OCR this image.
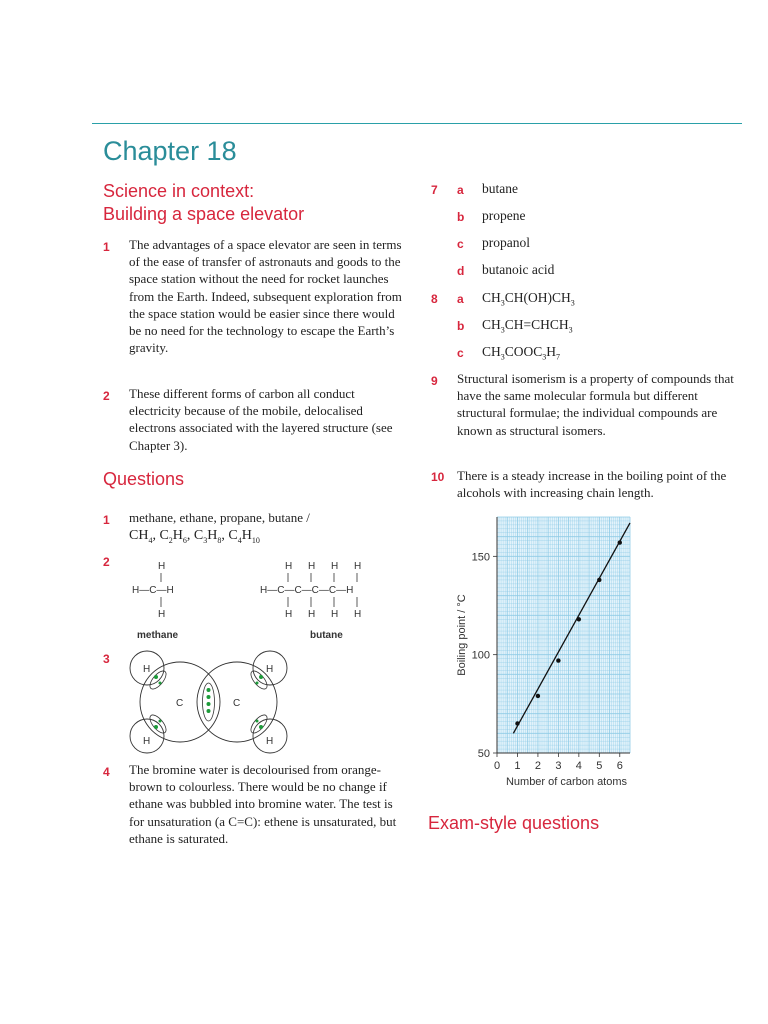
Chapter 18
Science in context:
Building a space elevator
1 The advantages of a space elevator are seen in terms of the ease of transfer of astronauts and goods to the space station without the need for rocket launches from the Earth. Indeed, subsequent exploration from the space station would be easier since there would be no need for the technology to escape the Earth’s gravity.
2 These different forms of carbon all conduct electricity because of the mobile, delocalised electrons associated with the layered structure (see Chapter 3).
Questions
1 methane, ethane, propane, butane /
$CH_4$, $C_2H_6$, $C_3H_8$, $C_4H_{10}$
2	H
H—C—H
H
H H H H
H—C—C—C—C—H
H H H H
methane	butane
3
H	H
H	H
C	C
4 The bromine water is decolourised from orange-brown to colourless. There would be no change if ethane was bubbled into bromine water. The test is for unsaturation (a C=C): ethene is unsaturated, but ethane is saturated.
7 a butane
b propene
c propanol
d butanoic acid
8 a $CH_3CH(OH)CH_3$
b $CH_3CH=CHCH_3$
c $CH_3COOC_3H_7$
9 Structural isomerism is a property of compounds that have the same molecular formula but different structural formulae; the individual compounds are known as structural isomers.
10 There is a steady increase in the boiling point of the alcohols with increasing chain length.
0 1 2 3 4 5 6
50
100
150
Number of carbon atoms
Boiling point / °C
Exam-style questions
